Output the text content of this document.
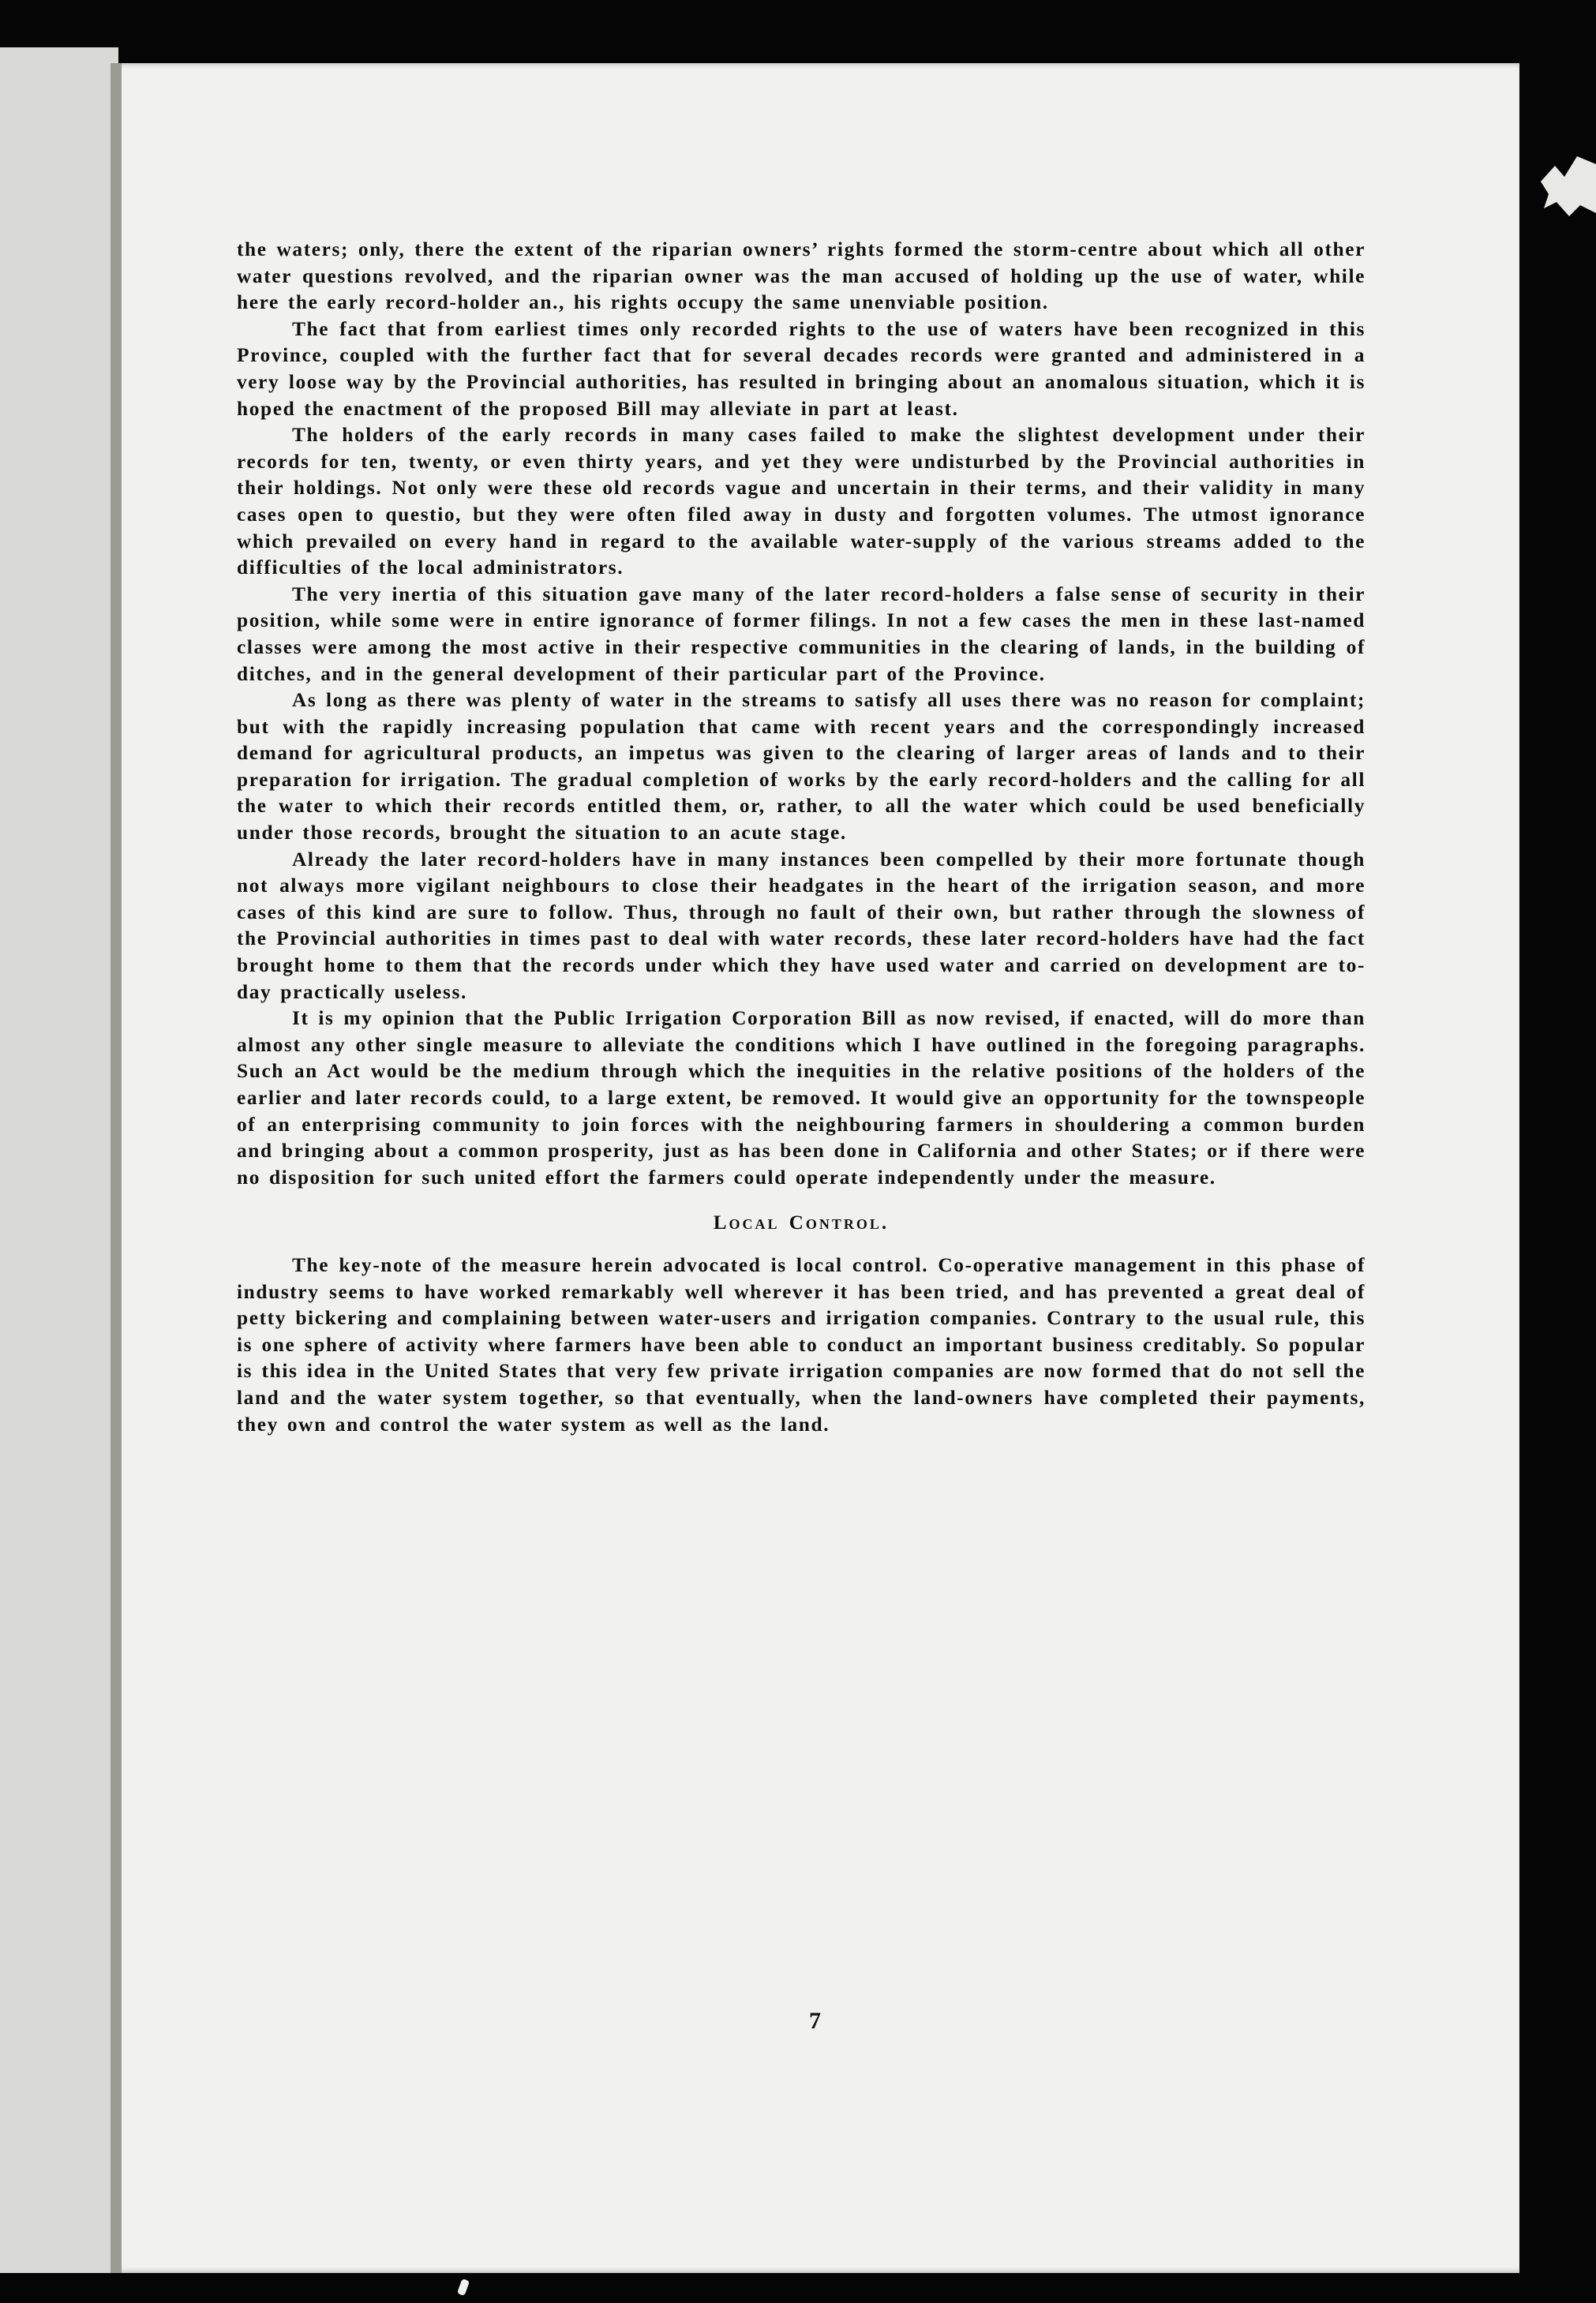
the waters; only, there the extent of the riparian owners’ rights formed the storm-centre about which all other water questions revolved, and the riparian owner was the man accused of holding up the use of water, while here the early record-holder an., his rights occupy the same unenviable position.

The fact that from earliest times only recorded rights to the use of waters have been recognized in this Province, coupled with the further fact that for several decades records were granted and administered in a very loose way by the Provincial authorities, has resulted in bringing about an anomalous situation, which it is hoped the enactment of the proposed Bill may alleviate in part at least.

The holders of the early records in many cases failed to make the slightest development under their records for ten, twenty, or even thirty years, and yet they were undisturbed by the Provincial authorities in their holdings. Not only were these old records vague and uncertain in their terms, and their validity in many cases open to questio, but they were often filed away in dusty and forgotten volumes. The utmost ignorance which prevailed on every hand in regard to the available water-supply of the various streams added to the difficulties of the local administrators.

The very inertia of this situation gave many of the later record-holders a false sense of security in their position, while some were in entire ignorance of former filings. In not a few cases the men in these last-named classes were among the most active in their respective communities in the clearing of lands, in the building of ditches, and in the general development of their particular part of the Province.

As long as there was plenty of water in the streams to satisfy all uses there was no reason for complaint; but with the rapidly increasing population that came with recent years and the correspondingly increased demand for agricultural products, an impetus was given to the clearing of larger areas of lands and to their preparation for irrigation. The gradual completion of works by the early record-holders and the calling for all the water to which their records entitled them, or, rather, to all the water which could be used beneficially under those records, brought the situation to an acute stage.

Already the later record-holders have in many instances been compelled by their more fortunate though not always more vigilant neighbours to close their headgates in the heart of the irrigation season, and more cases of this kind are sure to follow. Thus, through no fault of their own, but rather through the slowness of the Provincial authorities in times past to deal with water records, these later record-holders have had the fact brought home to them that the records under which they have used water and carried on development are to-day practically useless.

It is my opinion that the Public Irrigation Corporation Bill as now revised, if enacted, will do more than almost any other single measure to alleviate the conditions which I have outlined in the foregoing paragraphs. Such an Act would be the medium through which the inequities in the relative positions of the holders of the earlier and later records could, to a large extent, be removed. It would give an opportunity for the townspeople of an enterprising community to join forces with the neighbouring farmers in shouldering a common burden and bringing about a common prosperity, just as has been done in California and other States; or if there were no disposition for such united effort the farmers could operate independently under the measure.

Local Control.

The key-note of the measure herein advocated is local control. Co-operative management in this phase of industry seems to have worked remarkably well wherever it has been tried, and has prevented a great deal of petty bickering and complaining between water-users and irrigation companies. Contrary to the usual rule, this is one sphere of activity where farmers have been able to conduct an important business creditably. So popular is this idea in the United States that very few private irrigation companies are now formed that do not sell the land and the water system together, so that eventually, when the land-owners have completed their payments, they own and control the water system as well as the land.

7
